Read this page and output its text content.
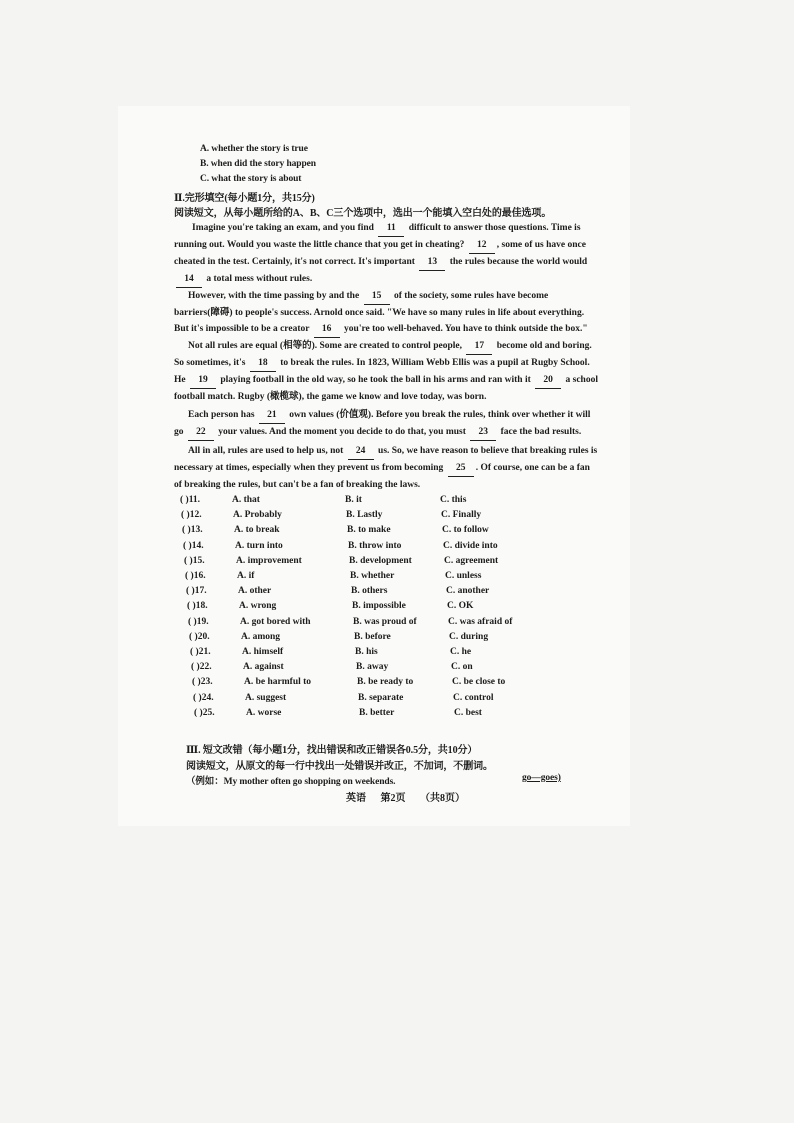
A. whether the story is true
B. when did the story happen
C. what the story is about
Ⅱ.完形填空(每小题1分，共15分)
阅读短文，从每小题所给的A、B、C三个选项中，选出一个能填入空白处的最佳选项。
Imagine you're taking an exam, and you find 11 difficult to answer those questions. Time is
running out. Would you waste the little chance that you get in cheating? 12 , some of us have once
cheated in the test. Certainly, it's not correct. It's important 13 the rules because the world would
14 a total mess without rules.
However, with the time passing by and the 15 of the society, some rules have become
barriers(障碍) to people's success. Arnold once said. "We have so many rules in life about everything.
But it's impossible to be a creator 16 you're too well-behaved. You have to think outside the box."
Not all rules are equal (相等的). Some are created to control people, 17 become old and boring.
So sometimes, it's 18 to break the rules. In 1823, William Webb Ellis was a pupil at Rugby School.
He 19 playing football in the old way, so he took the ball in his arms and ran with it 20 a school
football match. Rugby (橄榄球), the game we know and love today, was born.
Each person has 21 own values (价值观). Before you break the rules, think over whether it will
go 22 your values. And the moment you decide to do that, you must 23 face the bad results.
All in all, rules are used to help us, not 24 us. So, we have reason to believe that breaking rules is
necessary at times, especially when they prevent us from becoming 25 . Of course, one can be a fan
of breaking the rules, but can't be a fan of breaking the laws.
( )11.	A. that	B. it	C. this
( )12.	A. Probably	B. Lastly	C. Finally
( )13.	A. to break	B. to make	C. to follow
( )14.	A. turn into	B. throw into	C. divide into
( )15.	A. improvement	B. development	C. agreement
( )16.	A. if	B. whether	C. unless
( )17.	A. other	B. others	C. another
( )18.	A. wrong	B. impossible	C. OK
( )19.	A. got bored with	B. was proud of	C. was afraid of
( )20.	A. among	B. before	C. during
( )21.	A. himself	B. his	C. he
( )22.	A. against	B. away	C. on
( )23.	A. be harmful to	B. be ready to	C. be close to
( )24.	A. suggest	B. separate	C. control
( )25.	A. worse	B. better	C. best
Ⅲ. 短文改错（每小题1分，找出错误和改正错误各0.5分，共10分）
阅读短文，从原文的每一行中找出一处错误并改正，不加词，不删词。
（例如：My mother often go shopping on weekends.	go—goes)
英语 第2页 （共8页）
